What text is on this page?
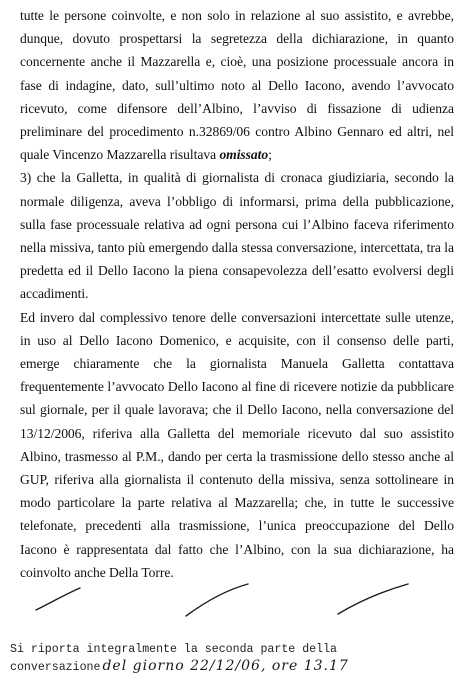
tutte le persone coinvolte, e non solo in relazione al suo assistito, e avrebbe, dunque, dovuto prospettarsi la segretezza della dichiarazione, in quanto concernente anche il Mazzarella e, cioè, una posizione processuale ancora in fase di indagine, dato, sull’ultimo noto al Dello Iacono, avendo l’avvocato ricevuto, come difensore dell’Albino, l’avviso di fissazione di udienza preliminare del procedimento n.32869/06 contro Albino Gennaro ed altri, nel quale Vincenzo Mazzarella risultava omissato;

3) che la Galletta, in qualità di giornalista di cronaca giudiziaria, secondo la normale diligenza, aveva l’obbligo di informarsi, prima della pubblicazione, sulla fase processuale relativa ad ogni persona cui l’Albino faceva riferimento nella missiva, tanto più emergendo dalla stessa conversazione, intercettata, tra la predetta ed il Dello Iacono la piena consapevolezza dell’esatto evolversi degli accadimenti.

Ed invero dal complessivo tenore delle conversazioni intercettate sulle utenze, in uso al Dello Iacono Domenico, e acquisite, con il consenso delle parti, emerge chiaramente che la giornalista Manuela Galletta contattava frequentemente l’avvocato Dello Iacono al fine di ricevere notizie da pubblicare sul giornale, per il quale lavorava; che il Dello Iacono, nella conversazione del 13/12/2006, riferiva alla Galletta del memoriale ricevuto dal suo assistito Albino, trasmesso al P.M., dando per certa la trasmissione dello stesso anche al GUP, riferiva alla giornalista il contenuto della missiva, senza sottolineare in modo particolare la parte relativa al Mazzarella; che, in tutte le successive telefonate, precedenti alla trasmissione, l’unica preoccupazione del Dello Iacono è rappresentata dal fatto che l’Albino, con la sua dichiarazione, ha coinvolto anche Della Torre.

Si riporta integralmente la seconda parte della
conversazione del giorno 22/12/06, ore 13.17
